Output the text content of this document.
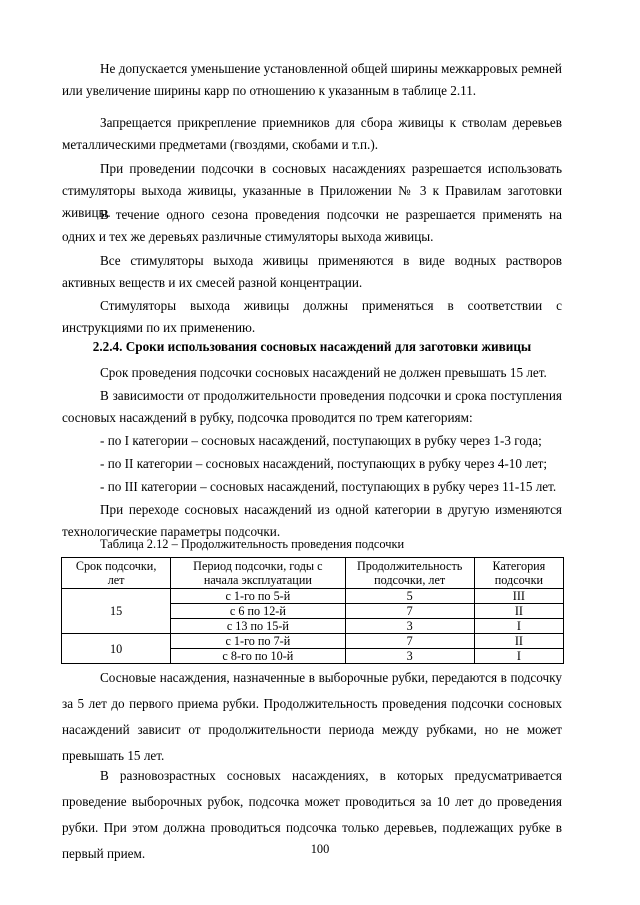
Не допускается уменьшение установленной общей ширины межкарровых ремней или увеличение ширины карр по отношению к указанным в таблице 2.11.

Запрещается прикрепление приемников для сбора живицы к стволам деревьев металлическими предметами (гвоздями, скобами и т.п.).

При проведении подсочки в сосновых насаждениях разрешается использовать стимуляторы выхода живицы, указанные в Приложении № 3 к Правилам заготовки живицы.

В течение одного сезона проведения подсочки не разрешается применять на одних и тех же деревьях различные стимуляторы выхода живицы.

Все стимуляторы выхода живицы применяются в виде водных растворов активных веществ и их смесей разной концентрации.

Стимуляторы выхода живицы должны применяться в соответствии с инструкциями по их применению.

2.2.4. Сроки использования сосновых насаждений для заготовки живицы

Срок проведения подсочки сосновых насаждений не должен превышать 15 лет.

В зависимости от продолжительности проведения подсочки и срока поступления сосновых насаждений в рубку, подсочка проводится по трем категориям:

- по I категории – сосновых насаждений, поступающих в рубку через 1-3 года;

- по II категории – сосновых насаждений, поступающих в рубку через 4-10 лет;

- по III категории – сосновых насаждений, поступающих в рубку через 11-15 лет.

При переходе сосновых насаждений из одной категории в другую изменяются технологические параметры подсочки.

Таблица 2.12 – Продолжительность проведения подсочки

Срок подсочки, лет	Период подсочки, годы с начала эксплуатации	Продолжительность подсочки, лет	Категория подсочки
15	с 1-го по 5-й	5	III
	с 6 по 12-й	7	II
	с 13 по 15-й	3	I
10	с 1-го по 7-й	7	II
	с 8-го по 10-й	3	I

Сосновые насаждения, назначенные в выборочные рубки, передаются в подсочку за 5 лет до первого приема рубки. Продолжительность проведения подсочки сосновых насаждений зависит от продолжительности периода между рубками, но не может превышать 15 лет.

В разновозрастных сосновых насаждениях, в которых предусматривается проведение выборочных рубок, подсочка может проводиться за 10 лет до проведения рубки. При этом должна проводиться подсочка только деревьев, подлежащих рубке в первый прием.	100
